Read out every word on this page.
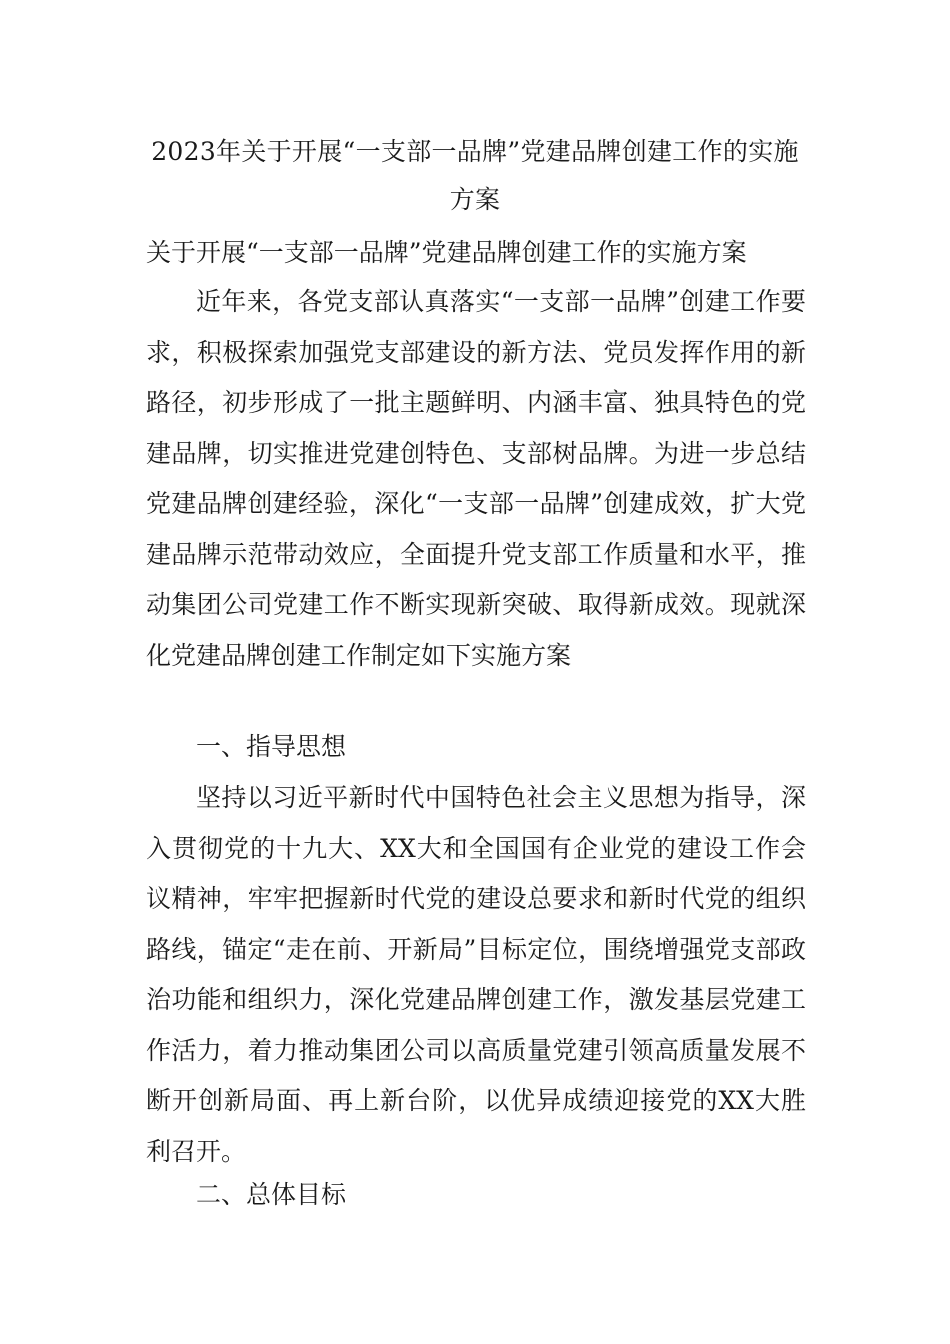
2023年关于开展“一支部一品牌”党建品牌创建工作的实施方案
关于开展“一支部一品牌”党建品牌创建工作的实施方案

近年来，各党支部认真落实“一支部一品牌”创建工作要求，积极探索加强党支部建设的新方法、党员发挥作用的新路径，初步形成了一批主题鲜明、内涵丰富、独具特色的党建品牌，切实推进党建创特色、支部树品牌。为进一步总结党建品牌创建经验，深化“一支部一品牌”创建成效，扩大党建品牌示范带动效应，全面提升党支部工作质量和水平，推动集团公司党建工作不断实现新突破、取得新成效。现就深化党建品牌创建工作制定如下实施方案

一、指导思想

坚持以习近平新时代中国特色社会主义思想为指导，深入贯彻党的十九大、XX大和全国国有企业党的建设工作会议精神，牢牢把握新时代党的建设总要求和新时代党的组织路线，锚定“走在前、开新局”目标定位，围绕增强党支部政治功能和组织力，深化党建品牌创建工作，激发基层党建工作活力，着力推动集团公司以高质量党建引领高质量发展不断开创新局面、再上新台阶，以优异成绩迎接党的XX大胜利召开。

二、总体目标
